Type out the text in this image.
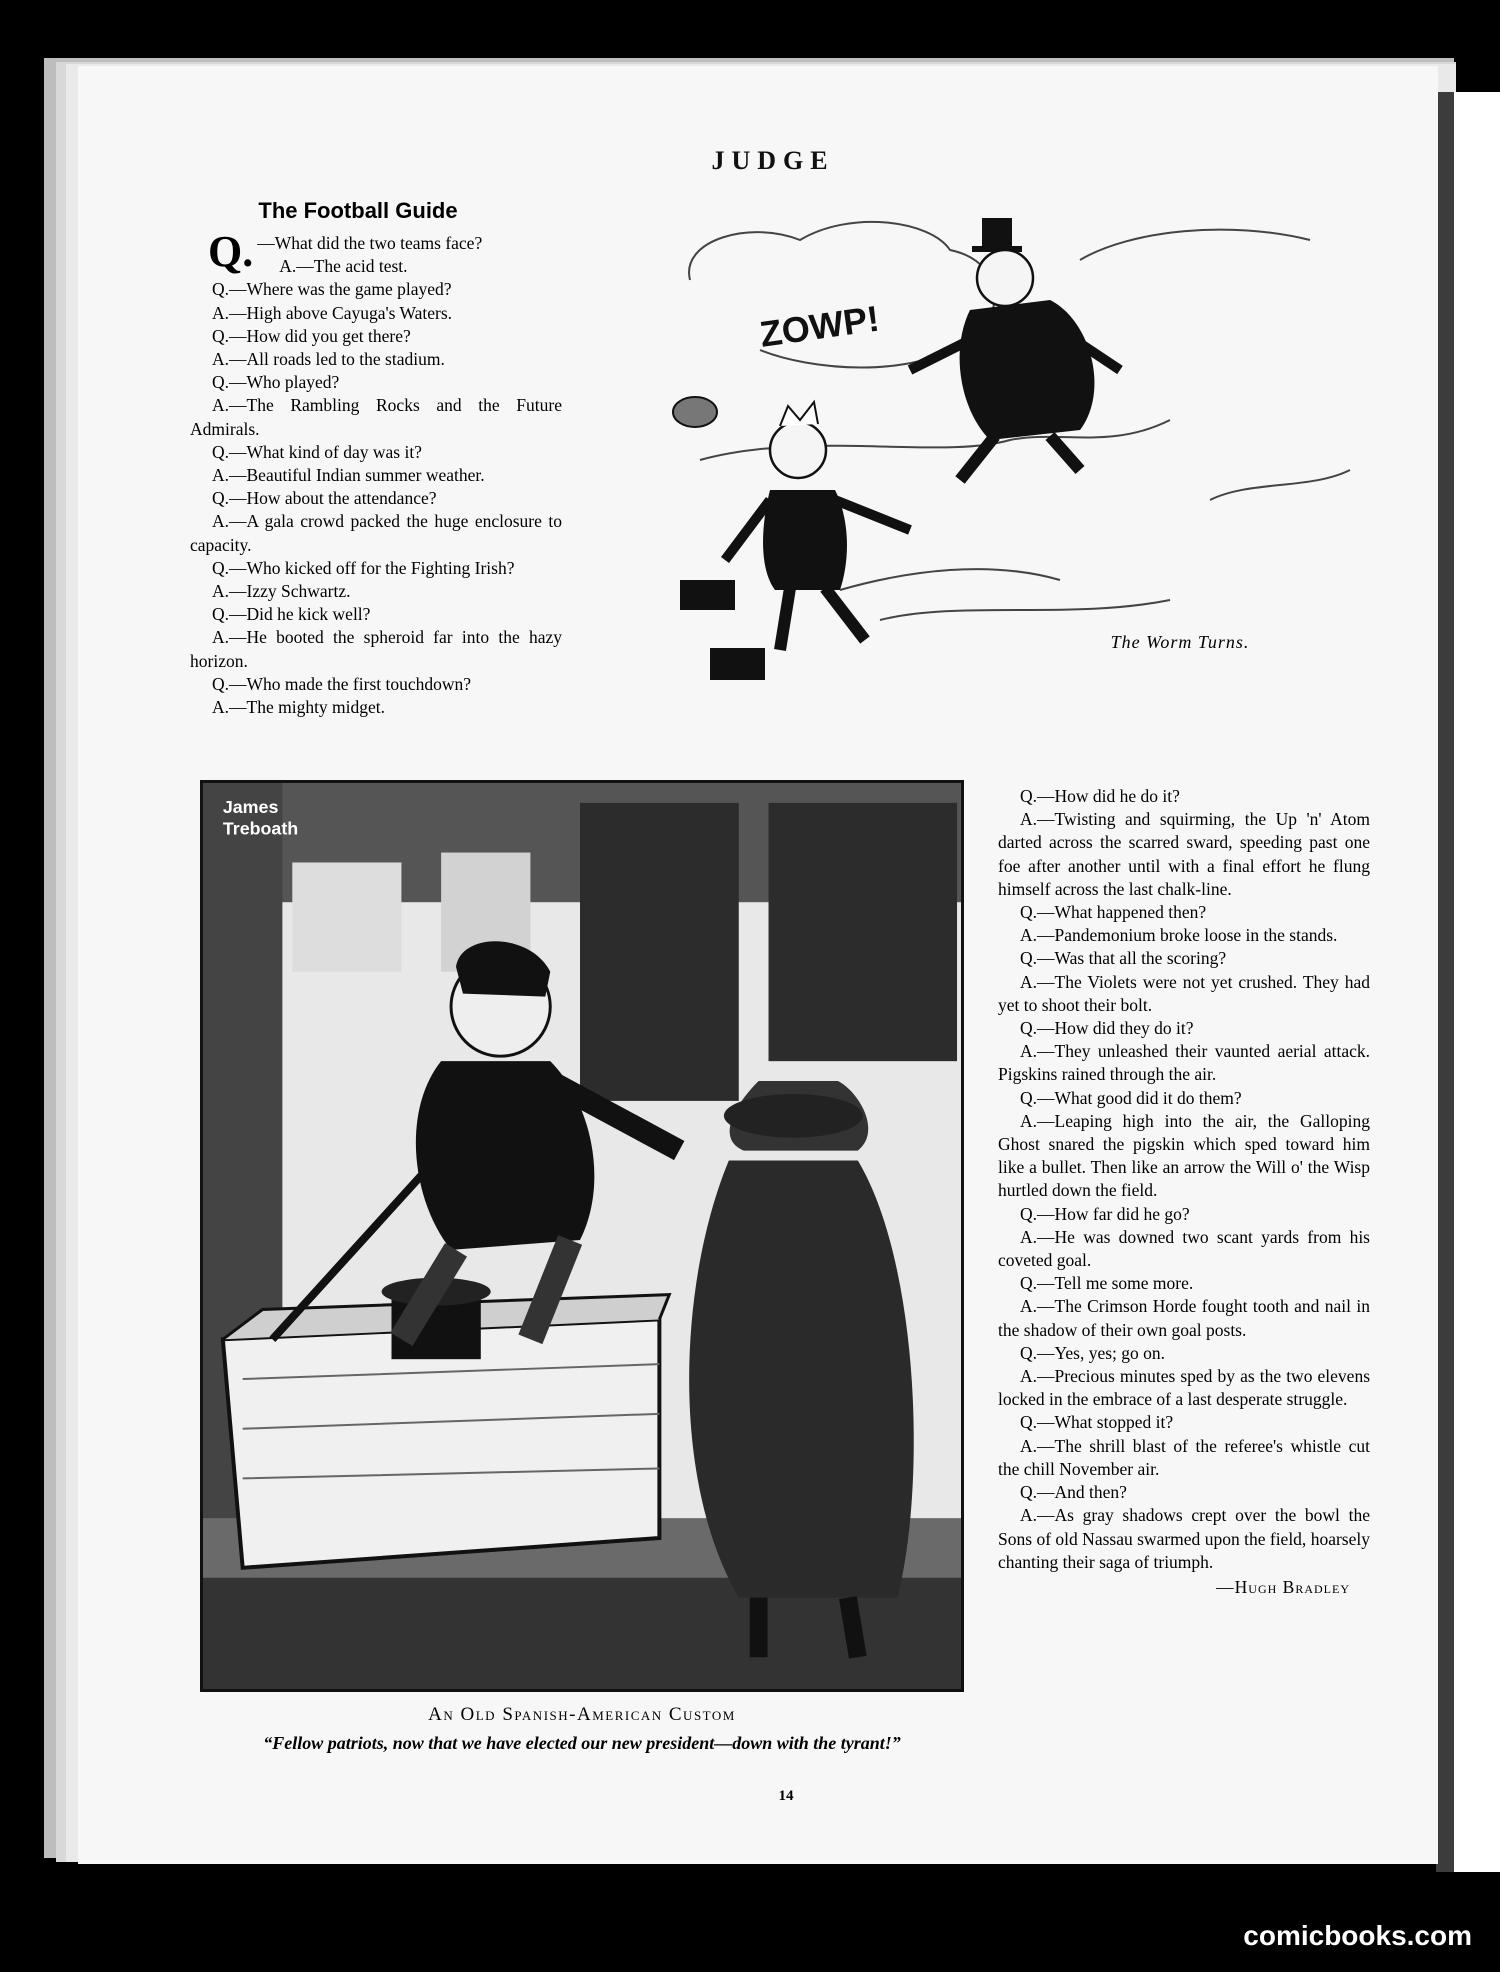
JUDGE
The Football Guide

Q. —What did the two teams face?

A.—The acid test.

Q.—Where was the game played?

A.—High above Cayuga's Waters.

Q.—How did you get there?

A.—All roads led to the stadium.

Q.—Who played?

A.—The Rambling Rocks and the Future Admirals.

Q.—What kind of day was it?

A.—Beautiful Indian summer weather.

Q.—How about the attendance?

A.—A gala crowd packed the huge enclosure to capacity.

Q.—Who kicked off for the Fighting Irish?

A.—Izzy Schwartz.

Q.—Did he kick well?

A.—He booted the spheroid far into the hazy horizon.

Q.—Who made the first touchdown?

A.—The mighty midget.

ZOWP!
The Worm Turns.
James
Treboath
An Old Spanish-American Custom
“Fellow patriots, now that we have elected our new president—down with the tyrant!”

Q.—How did he do it?

A.—Twisting and squirming, the Up 'n' Atom darted across the scarred sward, speeding past one foe after another until with a final effort he flung himself across the last chalk-line.

Q.—What happened then?

A.—Pandemonium broke loose in the stands.

Q.—Was that all the scoring?

A.—The Violets were not yet crushed. They had yet to shoot their bolt.

Q.—How did they do it?

A.—They unleashed their vaunted aerial attack. Pigskins rained through the air.

Q.—What good did it do them?

A.—Leaping high into the air, the Galloping Ghost snared the pigskin which sped toward him like a bullet. Then like an arrow the Will o' the Wisp hurtled down the field.

Q.—How far did he go?

A.—He was downed two scant yards from his coveted goal.

Q.—Tell me some more.

A.—The Crimson Horde fought tooth and nail in the shadow of their own goal posts.

Q.—Yes, yes; go on.

A.—Precious minutes sped by as the two elevens locked in the embrace of a last desperate struggle.

Q.—What stopped it?

A.—The shrill blast of the referee's whistle cut the chill November air.

Q.—And then?

A.—As gray shadows crept over the bowl the Sons of old Nassau swarmed upon the field, hoarsely chanting their saga of triumph.

—Hugh Bradley
14
comicbooks.com
